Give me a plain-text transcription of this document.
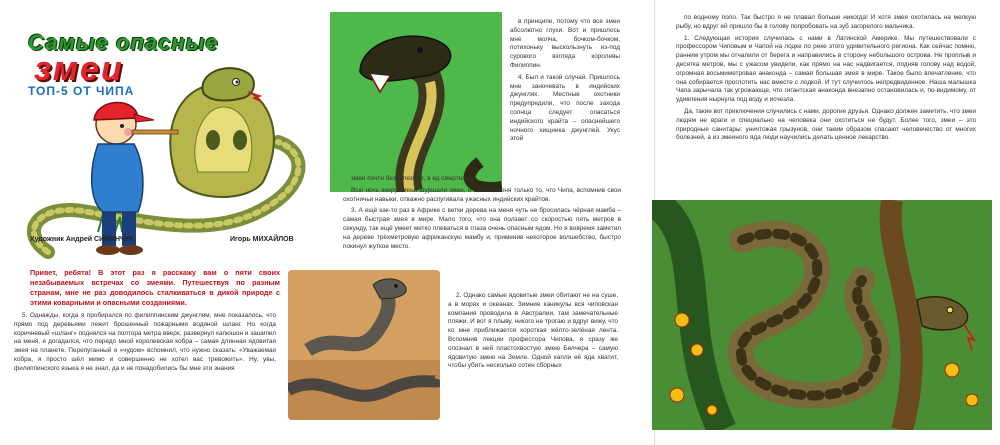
Самые опасные
змеи
ТОП-5 ОТ ЧИПА
Художник Андрей СИМАНЧУК	Игорь МИХАЙЛОВ
Привет, ребята! В этот раз я расскажу вам о пяти своих незабываемых встречах со змеями. Путешествуя по разным странам, мне не раз доводилось сталкиваться в дикой природе с этими коварными и опасными созданиями.

5. Однажды, когда я пробирался по филиппинским джунглям, мне показалось, что прямо под деревьями лежит брошенный пожарными водяной шланг. Но когда коричневый «шланг» поднялся на полтора метра вверх, развернул капюшон и зашипел на меня, я догадался, что передо мной королевская кобра – самая длинная ядовитая змея на планете. Перепуганный я «чудом» вспомнил, что нужно сказать: «Уважаемая кобра, я просто шёл мимо и совершенно не хотел вас тревожить». Ну, увы, филиппинского языка я не знал, да и не понадобились бы мне эти знания

в принципе, потому что все змеи абсолютно глухи. Вот и пришлось мне молча, бочком-бочком, потихоньку выскользнуть из-под сурового взгляда королевы Филиппин.

4. Был и такой случай. Пришлось мне заночевать в индийских джунглях. Местные охотники предупредили, что после захода солнца следует опасаться индийского крайта – опаснейшего ночного хищника джунглей. Укус этой

змеи почти безболезнен, а яд смертелен.

Всю ночь вокруг меня шуршали змеи, и спасло меня только то, что Чипа, вспомнив свои охотничьи навыки, отважно распугивала ужасных индийских крайтов.

3. А ещё как-то раз в Африке с ветки дерева на меня чуть не бросилась чёрная мамба – самая быстрая змея в мире. Мало того, что она ползает со скоростью пять метров в секунду, так ещё умеет метко плеваться в глаза очень опасным ядом. Но я вовремя заметил на дереве трёхметровую африканскую мамбу и, применив некоторое волшебство, быстро покинул жуткое место.

2. Однако самые ядовитые змеи обитают не на суше, а в морях и океанах. Зимние каникулы вся чиповская компания проводила в Австралии, там замечательные пляжи. И вот я плыву, никого не трогаю и вдруг вижу, что ко мне приближается короткая жёлто-зелёная лента. Вспомнив лекции профессора Чипова, я сразу же опознал в ней пластохвостую змею Белчера – самую ядовитую змею на Земле. Одной капли её яда хватит, чтобы убить несколько сотен сборных

по водному поло. Так быстро я не плавал больше никогда! И хотя змея охотилась на мелкую рыбу, но вдруг ей пришло бы в голову попробовать на зуб загорелого мальчика.

1. Следующая история случилась с нами в Латинской Америке. Мы путешествовали с профессором Чиповым и Чапой на лодке по реке этого удивительного региона. Как сейчас помню, ранним утром мы отчалили от берега и направились в сторону небольшого острова. Не проплыв и десятка метров, мы с ужасом увидели, как прямо на нас надвигается, подняв голову над водой, огромная восьмиметровая анаконда – самая большая змея в мире. Такое было впечатление, что она собирается проглотить нас вместе с лодкой. И тут случилось непредвиденное. Наша малышка Чапа зарычала так угрожающе, что гигантская анаконда внезапно остановилась и, по-видимому, от удивления нырнула под воду и исчезла.

Да, такие вот приключения случились с нами, дорогие друзья. Однако должен заметить, что змеи людям не враги и специально на человека они охотиться не будут. Более того, змеи – это природные санитары: уничтожая грызунов, они таким образом спасают человечество от многих болезней, а из змеиного яда люди научились делать ценное лекарство.
